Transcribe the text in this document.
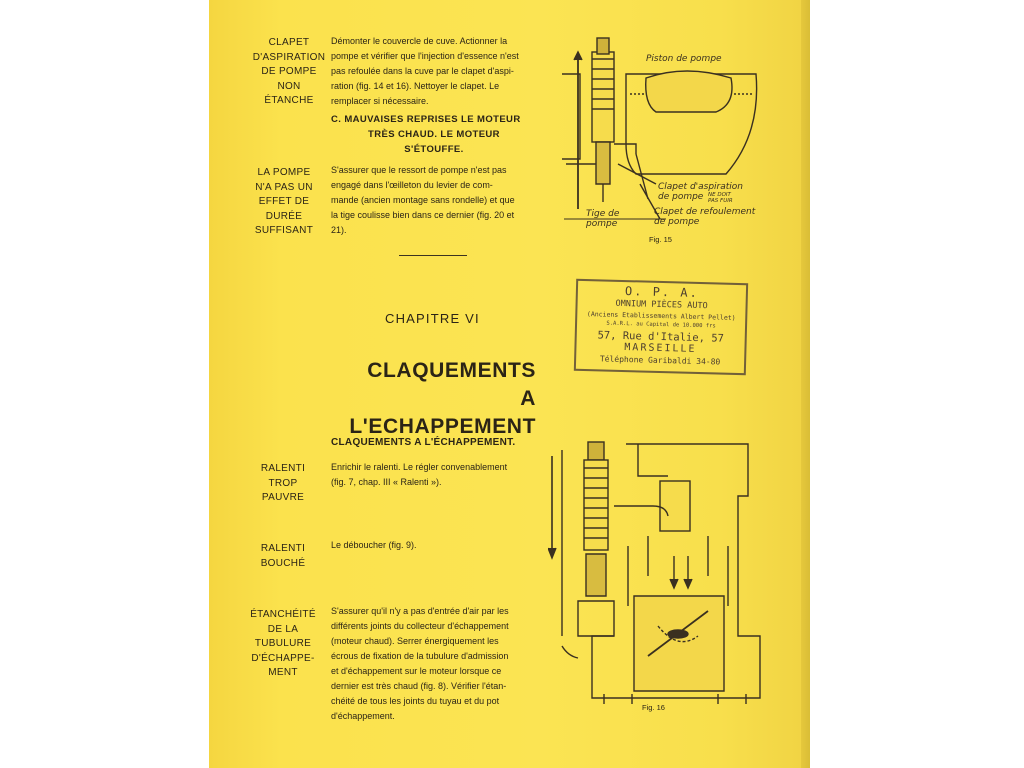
CLAPET
D'ASPIRATION
DE POMPE
NON
ÉTANCHE
LA POMPE
N'A PAS UN
EFFET DE
DURÉE
SUFFISANT
RALENTI
TROP
PAUVRE
RALENTI
BOUCHÉ
ÉTANCHÉITÉ
DE LA
TUBULURE
D'ÉCHAPPE-
MENT
Démonter le couvercle de cuve. Actionner la
pompe et vérifier que l'injection d'essence n'est
pas refoulée dans la cuve par le clapet d'aspi-
ration (fig. 14 et 16). Nettoyer le clapet. Le
remplacer si nécessaire.
C. MAUVAISES REPRISES LE MOTEUR
TRÈS CHAUD. LE MOTEUR
S'ÉTOUFFE.
S'assurer que le ressort de pompe n'est pas
engagé dans l'œilleton du levier de com-
mande (ancien montage sans rondelle) et que
la tige coulisse bien dans ce dernier (fig. 20 et
21).
CHAPITRE VI
CLAQUEMENTS
A L'ECHAPPEMENT
CLAQUEMENTS A L'ÉCHAPPEMENT.
Enrichir le ralenti. Le régler convenablement
(fig. 7, chap. III « Ralenti »).
Le déboucher (fig. 9).
S'assurer qu'il n'y a pas d'entrée d'air par les
différents joints du collecteur d'échappement
(moteur chaud). Serrer énergiquement les
écrous de fixation de la tubulure d'admission
et d'échappement sur le moteur lorsque ce
dernier est très chaud (fig. 8). Vérifier l'étan-
chéité de tous les joints du tuyau et du pot
d'échappement.
Piston de pompe
Clapet d'aspiration
de pompe NE DOIT
PAS FUIR
Tige de
pompe
Clapet de refoulement
de pompe
Fig. 15
O. P. A.
OMNIUM PIÈCES AUTO
(Anciens Etablissements Albert Pellet)
S.A.R.L. au Capital de 10.000 frs
57, Rue d'Italie, 57
MARSEILLE
Téléphone Garibaldi 34-80
Fig. 16
